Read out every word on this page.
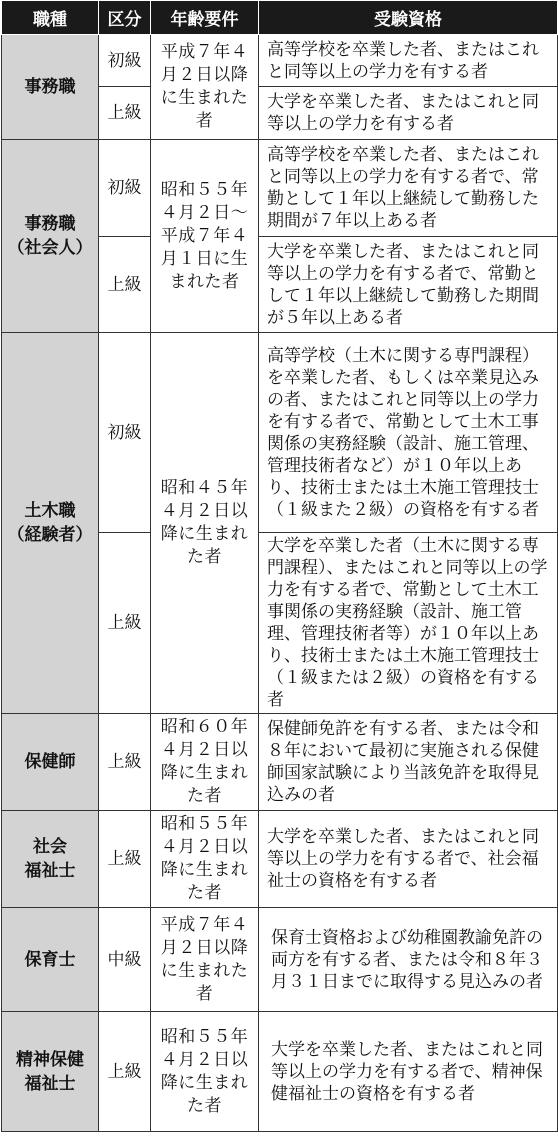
職種	区分	年齢要件	受験資格
事務職	初級	平成７年４月２日以降に生まれた者	高等学校を卒業した者、またはこれと同等以上の学力を有する者
	上級		大学を卒業した者、またはこれと同等以上の学力を有する者
事務職
（社会人）	初級	昭和５５年４月２日～平成７年４月１日に生まれた者	高等学校を卒業した者、またはこれと同等以上の学力を有する者で、常勤として１年以上継続して勤務した期間が７年以上ある者
	上級		大学を卒業した者、またはこれと同等以上の学力を有する者で、常勤として１年以上継続して勤務した期間が５年以上ある者
土木職
（経験者）	初級	昭和４５年４月２日以降に生まれた者	高等学校（土木に関する専門課程）を卒業した者、もしくは卒業見込みの者、またはこれと同等以上の学力を有する者で、常勤として土木工事関係の実務経験（設計、施工管理、管理技術者など）が１０年以上あり、技術士または土木施工管理技士（１級また２級）の資格を有する者
	上級		大学を卒業した者（土木に関する専門課程）、またはこれと同等以上の学力を有する者で、常勤として土木工事関係の実務経験（設計、施工管理、管理技術者等）が１０年以上あり、技術士または土木施工管理技士（１級または２級）の資格を有する者
保健師	上級	昭和６０年４月２日以降に生まれた者	保健師免許を有する者、または令和８年において最初に実施される保健師国家試験により当該免許を取得見込みの者
社会
福祉士	上級	昭和５５年４月２日以降に生まれた者	大学を卒業した者、またはこれと同等以上の学力を有する者で、社会福祉士の資格を有する者
保育士	中級	平成７年４月２日以降に生まれた者	保育士資格および幼稚園教諭免許の両方を有する者、または令和８年３月３１日までに取得する見込みの者
精神保健
福祉士	上級	昭和５５年４月２日以降に生まれた者	大学を卒業した者、またはこれと同等以上の学力を有する者で、精神保健福祉士の資格を有する者
